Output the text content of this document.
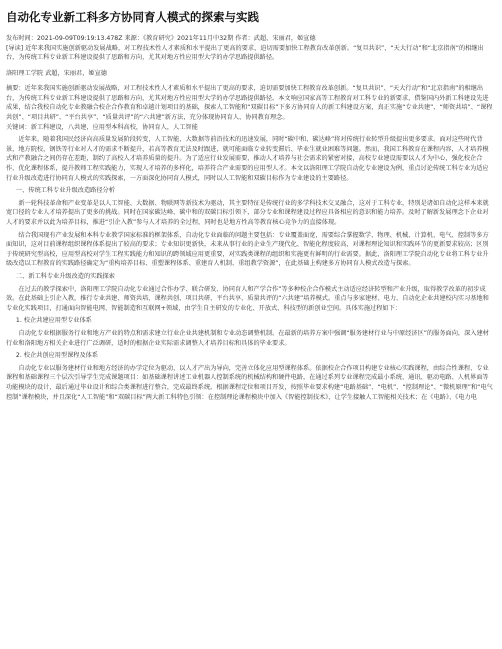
自动化专业新工科多方协同育人模式的探索与实践
发布时间：2021-09-09T09:19:13.478Z 来源：《教育研究》2021年11月中32期 作者：武超，宋丽君，姬宣德
[导读] 近年来我国实施创新驱动发展战略，对工程技术性人才素质和水平提出了更高的要求，迫切需要加快工程教育改革创新。“复旦共识”、“天大行动”和“北京指南”的相继出台，为传统工科专业新工科建设提供了思路和方向，尤其对地方性应用型大学的办学思路提供路径。
洛阳理工学院 武超，宋丽君，姬宣德
摘要：近年来我国实施创新驱动发展战略，对工程技术性人才素质和水平提出了更高的要求，迫切需要加快工程教育改革创新。“复旦共识”、“天大行动”和“北京指南”的相继出台，为传统工科专业新工科建设提供了思路和方向，尤其对地方性应用型大学的办学思路提供路径。本文响应国家高等工程教育对工科专业的新要求，借鉴国内外新工科建设先进成果，结合我校自动化专业教融合校企合作教育和卓越计划项目的基础，探索人工智能和“双碳目标”下多方协同育人的新工科建设方案，真正实施“专业共建”、“师资共培”、“课程共创”、“项目共研”、“平台共享”、“质量共评”的“六共建”新方法，充分体现协同育人、协同教育理念。
关键词：新工科建设，八共建，应用型本科高校，协同育人，人工智能
近年来，随着我国民经济向高质量发展阶段转变，人工智能、大数据等前沿技术的迅速发展，同时“碳中和、碳达峰”将对传统行业转型升级提出更多要求。面对这些时代背景，地方院校，钢铁等行业对人才的需求不断提升，若高等教育无法及时跟进，就可能面临专业转变滞后、毕业生就业困难等问题。然而，我国工科教育在课程内容，人才培养模式和产教融合之间仍存在差距，制约了高校人才培养质量的提升。为了适应行业发展需要，推动人才培养与社会需求的紧密对接，高校专业建设需要以人才为中心，强化校企合作，优化课程体系，提升教师工程实践能力，实现人才培养的多样化，培养符合产业需要的应用型人才。本文以洛阳理工学院自动化专业建设为例，重点讨论传统工科专业为适应行业升级改造进行协同育人模式的实践探索，一方面深化协同育人模式，同时以人工智能和双碳目标作为专业建设的主要路径。
一、传统工科专业升级改造路径分析
新一轮科技革命和产业变革是以人工智能、大数据、物联网等新技术为驱动，其主要特征是传统行业的多学科技术交叉融合，这对于工科专业，特别是诸如自动化这样本来就宽口径的专业人才培养提出了更多的挑战。同时在国家碳达峰、碳中和的双碳目标引领下，部分专业和课程建设过程应具备相应的意识和能力培养。及时了解新发展理念下企业对人才的要求并以此为培养目标，推进“引企入教”参与人才培养的全过程，同时也是地方性高等教育核心竞争力的直接体现。
结合我国现有产业发展和本科专业教学国家标准的框架体系，自动化专业面临的问题主要包括：专业覆盖面宽，需要综合掌握数学、物理、机械、计算机、电气、控制等多方面知识，这对目前课程组织课程体系提出了较高的要求；专业知识更新快，未来从事行业的企业生产现代化、智能化程度较高，对课程理论知识和实践环节的更新要求较高；区别于传统研究型高校，应用型高校对学生工程实践能力和知识的跨领域应用更重要，对实践类课程的组织和实施更有鲜明的行业需要。据此，洛阳理工学院自动化专业将工科专业升级改造以工程教育的实践路径确定为“重构培养目标、重塑课程体系、重建育人机制、重组教学资源”，在此基础上构建多方协同育人模式改造与探索。
二、新工科专业升级改造的实践探索
在过去的教学探索中，洛阳理工学院自动化专业通过合作办学、联合研发、协同育人和产学合作”等多种校企合作模式主动适应经济转型和产业升级，取得教学改革的初步成效。在此基础上引企入教，推行专业共建、师资共培、课程共创、项目共研、平台共享、质量共评的“六共建”培养模式。重点与多家建材、电力、自动化企业共建校内实习基地和专业化实践项目，打通面向智能电网、智能制造和互联网+领域，由学生自主研发的专业化、开放式、科技型的新创业空间。具体实施过程如下：
1. 校企共建应用型专业体系
自动化专业根据服务行业和地方产业的特点和需求建立行业企业共建机制和专业动态调整机制。在最新的培养方案中强调“服务建材行业与中原经济区”的服务面向，深入建材行业和洛阳地方相关企业进行广泛调研，适时的根据企业实际需求调整人才培养目标和具体的毕业要求。
2. 校企共创应用型课程及体系
自动化专业以服务建材行业和地方经济的办学定位为驱动，以人才产出为导向，完善立体化应用型课程体系。依据校企合作项目构建专业核心实践课程，由综合性课程、专业课程和基础课程三个层次引导学生完成课题项目：如基础课程讲述工业机器人控制系统的机械结构和硬件电路，在通过系列专业课程完成最小系统、通讯、驱动电路、人机界面等功能模块的设计，最后通过毕业设计和综合类课程进行整合，完成最终系统。根据课程定位和项目开发，按照毕业要求构建“电路基础”、“电机”、“控制理论”、“微机原理”和“电气控制”课程模块，并且深化“人工智能”和“双碳目标”两大新工科特色引领：在控制理论课程模块中加入《智能控制技术》，让学生接触人工智能相关技术；在《电路》、《电力电
